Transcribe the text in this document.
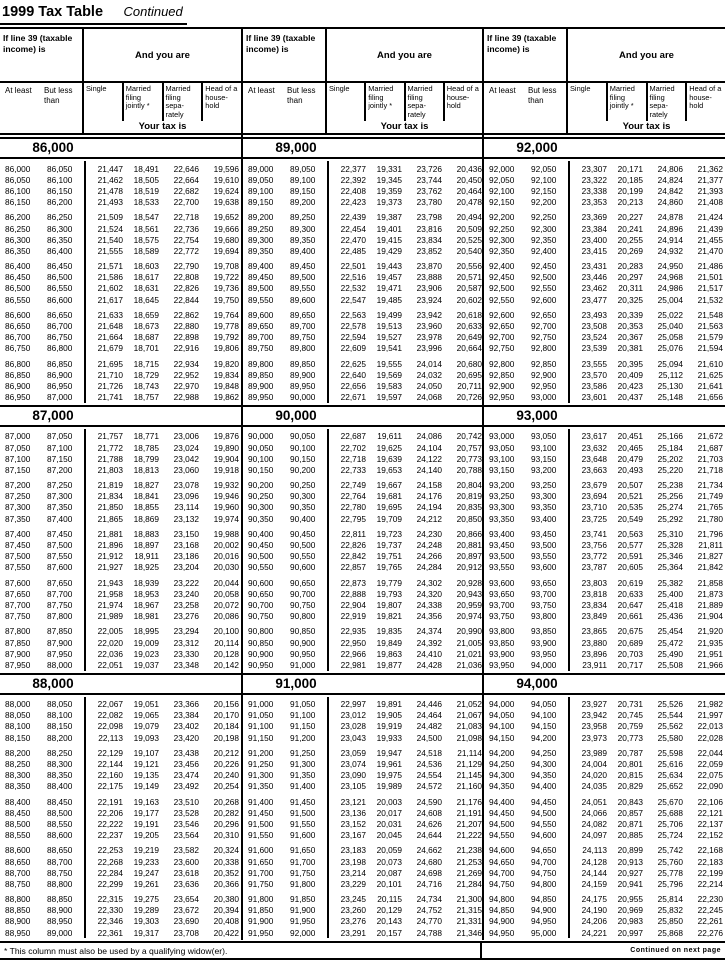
1999 Tax Table Continued
If line 39 (taxable income) is
And you are
At least	But less than
Single	Married filing jointly *
Married filing sepa- rately
Head of a house- hold
Your tax is
86,000
86,000	86,050	21,447	18,491	22,646	19,596
86,050	86,100	21,462	18,505	22,664	19,610
86,100	86,150	21,478	18,519	22,682	19,624
86,150	86,200	21,493	18,533	22,700	19,638
86,200	86,250	21,509	18,547	22,718	19,652
86,250	86,300	21,524	18,561	22,736	19,666
86,300	86,350	21,540	18,575	22,754	19,680
86,350	86,400	21,555	18,589	22,772	19,694
86,400	86,450	21,571	18,603	22,790	19,708
86,450	86,500	21,586	18,617	22,808	19,722
86,500	86,550	21,602	18,631	22,826	19,736
86,550	86,600	21,617	18,645	22,844	19,750
86,600	86,650	21,633	18,659	22,862	19,764
86,650	86,700	21,648	18,673	22,880	19,778
86,700	86,750	21,664	18,687	22,898	19,792
86,750	86,800	21,679	18,701	22,916	19,806
86,800	86,850	21,695	18,715	22,934	19,820
86,850	86,900	21,710	18,729	22,952	19,834
86,900	86,950	21,726	18,743	22,970	19,848
86,950	87,000	21,741	18,757	22,988	19,862
87,000
87,000	87,050	21,757	18,771	23,006	19,876
87,050	87,100	21,772	18,785	23,024	19,890
87,100	87,150	21,788	18,799	23,042	19,904
87,150	87,200	21,803	18,813	23,060	19,918
87,200	87,250	21,819	18,827	23,078	19,932
87,250	87,300	21,834	18,841	23,096	19,946
87,300	87,350	21,850	18,855	23,114	19,960
87,350	87,400	21,865	18,869	23,132	19,974
87,400	87,450	21,881	18,883	23,150	19,988
87,450	87,500	21,896	18,897	23,168	20,002
87,500	87,550	21,912	18,911	23,186	20,016
87,550	87,600	21,927	18,925	23,204	20,030
87,600	87,650	21,943	18,939	23,222	20,044
87,650	87,700	21,958	18,953	23,240	20,058
87,700	87,750	21,974	18,967	23,258	20,072
87,750	87,800	21,989	18,981	23,276	20,086
87,800	87,850	22,005	18,995	23,294	20,100
87,850	87,900	22,020	19,009	23,312	20,114
87,900	87,950	22,036	19,023	23,330	20,128
87,950	88,000	22,051	19,037	23,348	20,142
88,000
88,000	88,050	22,067	19,051	23,366	20,156
88,050	88,100	22,082	19,065	23,384	20,170
88,100	88,150	22,098	19,079	23,402	20,184
88,150	88,200	22,113	19,093	23,420	20,198
88,200	88,250	22,129	19,107	23,438	20,212
88,250	88,300	22,144	19,121	23,456	20,226
88,300	88,350	22,160	19,135	23,474	20,240
88,350	88,400	22,175	19,149	23,492	20,254
88,400	88,450	22,191	19,163	23,510	20,268
88,450	88,500	22,206	19,177	23,528	20,282
88,500	88,550	22,222	19,191	23,546	20,296
88,550	88,600	22,237	19,205	23,564	20,310
88,600	88,650	22,253	19,219	23,582	20,324
88,650	88,700	22,268	19,233	23,600	20,338
88,700	88,750	22,284	19,247	23,618	20,352
88,750	88,800	22,299	19,261	23,636	20,366
88,800	88,850	22,315	19,275	23,654	20,380
88,850	88,900	22,330	19,289	23,672	20,394
88,900	88,950	22,346	19,303	23,690	20,408
88,950	89,000	22,361	19,317	23,708	20,422
If line 39 (taxable income) is
And you are
At least	But less than
Single	Married filing jointly *
Married filing sepa- rately
Head of a house- hold
Your tax is
89,000
89,000	89,050	22,377	19,331	23,726	20,436
89,050	89,100	22,392	19,345	23,744	20,450
89,100	89,150	22,408	19,359	23,762	20,464
89,150	89,200	22,423	19,373	23,780	20,478
89,200	89,250	22,439	19,387	23,798	20,494
89,250	89,300	22,454	19,401	23,816	20,509
89,300	89,350	22,470	19,415	23,834	20,525
89,350	89,400	22,485	19,429	23,852	20,540
89,400	89,450	22,501	19,443	23,870	20,556
89,450	89,500	22,516	19,457	23,888	20,571
89,500	89,550	22,532	19,471	23,906	20,587
89,550	89,600	22,547	19,485	23,924	20,602
89,600	89,650	22,563	19,499	23,942	20,618
89,650	89,700	22,578	19,513	23,960	20,633
89,700	89,750	22,594	19,527	23,978	20,649
89,750	89,800	22,609	19,541	23,996	20,664
89,800	89,850	22,625	19,555	24,014	20,680
89,850	89,900	22,640	19,569	24,032	20,695
89,900	89,950	22,656	19,583	24,050	20,711
89,950	90,000	22,671	19,597	24,068	20,726
90,000
90,000	90,050	22,687	19,611	24,086	20,742
90,050	90,100	22,702	19,625	24,104	20,757
90,100	90,150	22,718	19,639	24,122	20,773
90,150	90,200	22,733	19,653	24,140	20,788
90,200	90,250	22,749	19,667	24,158	20,804
90,250	90,300	22,764	19,681	24,176	20,819
90,300	90,350	22,780	19,695	24,194	20,835
90,350	90,400	22,795	19,709	24,212	20,850
90,400	90,450	22,811	19,723	24,230	20,866
90,450	90,500	22,826	19,737	24,248	20,881
90,500	90,550	22,842	19,751	24,266	20,897
90,550	90,600	22,857	19,765	24,284	20,912
90,600	90,650	22,873	19,779	24,302	20,928
90,650	90,700	22,888	19,793	24,320	20,943
90,700	90,750	22,904	19,807	24,338	20,959
90,750	90,800	22,919	19,821	24,356	20,974
90,800	90,850	22,935	19,835	24,374	20,990
90,850	90,900	22,950	19,849	24,392	21,005
90,900	90,950	22,966	19,863	24,410	21,021
90,950	91,000	22,981	19,877	24,428	21,036
91,000
91,000	91,050	22,997	19,891	24,446	21,052
91,050	91,100	23,012	19,905	24,464	21,067
91,100	91,150	23,028	19,919	24,482	21,083
91,150	91,200	23,043	19,933	24,500	21,098
91,200	91,250	23,059	19,947	24,518	21,114
91,250	91,300	23,074	19,961	24,536	21,129
91,300	91,350	23,090	19,975	24,554	21,145
91,350	91,400	23,105	19,989	24,572	21,160
91,400	91,450	23,121	20,003	24,590	21,176
91,450	91,500	23,136	20,017	24,608	21,191
91,500	91,550	23,152	20,031	24,626	21,207
91,550	91,600	23,167	20,045	24,644	21,222
91,600	91,650	23,183	20,059	24,662	21,238
91,650	91,700	23,198	20,073	24,680	21,253
91,700	91,750	23,214	20,087	24,698	21,269
91,750	91,800	23,229	20,101	24,716	21,284
91,800	91,850	23,245	20,115	24,734	21,300
91,850	91,900	23,260	20,129	24,752	21,315
91,900	91,950	23,276	20,143	24,770	21,331
91,950	92,000	23,291	20,157	24,788	21,346
If line 39 (taxable income) is
And you are
At least	But less than
Single	Married filing jointly *
Married filing sepa- rately
Head of a house- hold
Your tax is
92,000
92,000	92,050	23,307	20,171	24,806	21,362
92,050	92,100	23,322	20,185	24,824	21,377
92,100	92,150	23,338	20,199	24,842	21,393
92,150	92,200	23,353	20,213	24,860	21,408
92,200	92,250	23,369	20,227	24,878	21,424
92,250	92,300	23,384	20,241	24,896	21,439
92,300	92,350	23,400	20,255	24,914	21,455
92,350	92,400	23,415	20,269	24,932	21,470
92,400	92,450	23,431	20,283	24,950	21,486
92,450	92,500	23,446	20,297	24,968	21,501
92,500	92,550	23,462	20,311	24,986	21,517
92,550	92,600	23,477	20,325	25,004	21,532
92,600	92,650	23,493	20,339	25,022	21,548
92,650	92,700	23,508	20,353	25,040	21,563
92,700	92,750	23,524	20,367	25,058	21,579
92,750	92,800	23,539	20,381	25,076	21,594
92,800	92,850	23,555	20,395	25,094	21,610
92,850	92,900	23,570	20,409	25,112	21,625
92,900	92,950	23,586	20,423	25,130	21,641
92,950	93,000	23,601	20,437	25,148	21,656
93,000
93,000	93,050	23,617	20,451	25,166	21,672
93,050	93,100	23,632	20,465	25,184	21,687
93,100	93,150	23,648	20,479	25,202	21,703
93,150	93,200	23,663	20,493	25,220	21,718
93,200	93,250	23,679	20,507	25,238	21,734
93,250	93,300	23,694	20,521	25,256	21,749
93,300	93,350	23,710	20,535	25,274	21,765
93,350	93,400	23,725	20,549	25,292	21,780
93,400	93,450	23,741	20,563	25,310	21,796
93,450	93,500	23,756	20,577	25,328	21,811
93,500	93,550	23,772	20,591	25,346	21,827
93,550	93,600	23,787	20,605	25,364	21,842
93,600	93,650	23,803	20,619	25,382	21,858
93,650	93,700	23,818	20,633	25,400	21,873
93,700	93,750	23,834	20,647	25,418	21,889
93,750	93,800	23,849	20,661	25,436	21,904
93,800	93,850	23,865	20,675	25,454	21,920
93,850	93,900	23,880	20,689	25,472	21,935
93,900	93,950	23,896	20,703	25,490	21,951
93,950	94,000	23,911	20,717	25,508	21,966
94,000
94,000	94,050	23,927	20,731	25,526	21,982
94,050	94,100	23,942	20,745	25,544	21,997
94,100	94,150	23,958	20,759	25,562	22,013
94,150	94,200	23,973	20,773	25,580	22,028
94,200	94,250	23,989	20,787	25,598	22,044
94,250	94,300	24,004	20,801	25,616	22,059
94,300	94,350	24,020	20,815	25,634	22,075
94,350	94,400	24,035	20,829	25,652	22,090
94,400	94,450	24,051	20,843	25,670	22,106
94,450	94,500	24,066	20,857	25,688	22,121
94,500	94,550	24,082	20,871	25,706	22,137
94,550	94,600	24,097	20,885	25,724	22,152
94,600	94,650	24,113	20,899	25,742	22,168
94,650	94,700	24,128	20,913	25,760	22,183
94,700	94,750	24,144	20,927	25,778	22,199
94,750	94,800	24,159	20,941	25,796	22,214
94,800	94,850	24,175	20,955	25,814	22,230
94,850	94,900	24,190	20,969	25,832	22,245
94,900	94,950	24,206	20,983	25,850	22,261
94,950	95,000	24,221	20,997	25,868	22,276
* This column must also be used by a qualifying widow(er).	Continued on next page
